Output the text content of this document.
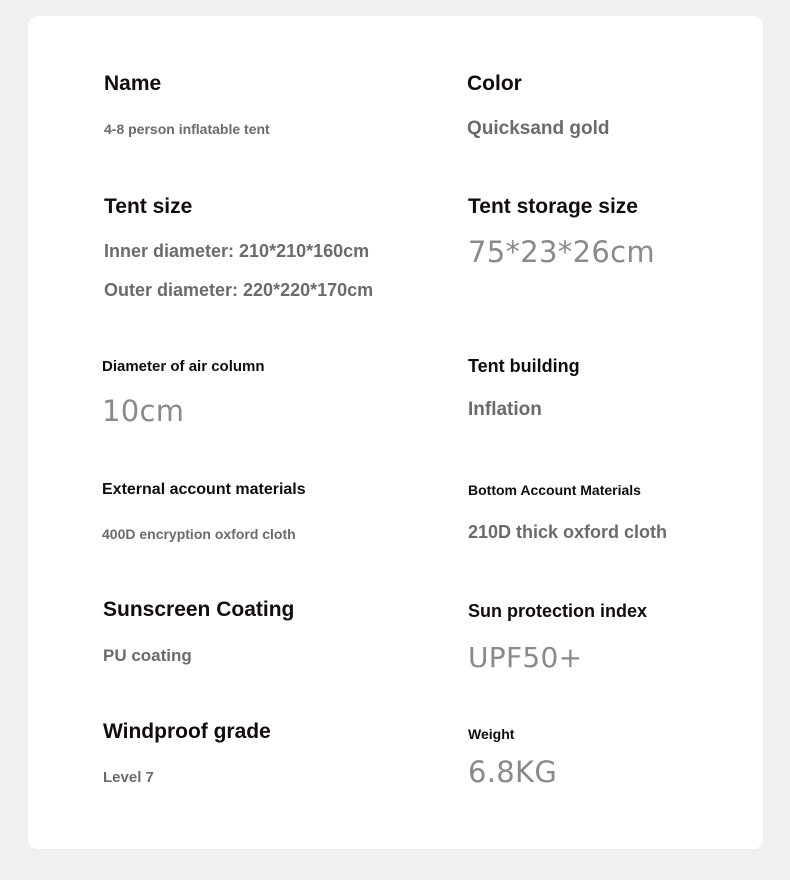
Name
4-8 person inflatable tent
Color
Quicksand gold
Tent size
Inner diameter: 210*210*160cm
Outer diameter: 220*220*170cm
Tent storage size
75*23*26cm
Diameter of air column
10cm
Tent building
Inflation
External account materials
400D encryption oxford cloth
Bottom Account Materials
210D thick oxford cloth
Sunscreen Coating
PU coating
Sun protection index
UPF50+
Windproof grade
Level 7
Weight
6.8KG
